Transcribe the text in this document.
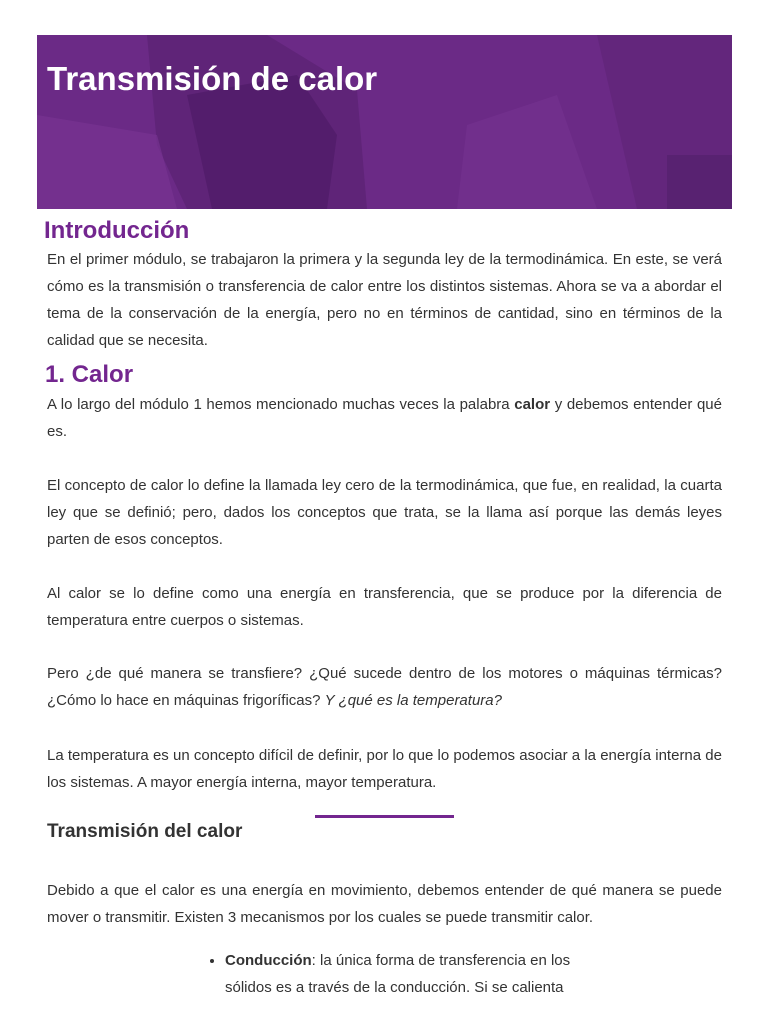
Transmisión de calor
Introducción

En el primer módulo, se trabajaron la primera y la segunda ley de la termodinámica. En este, se verá cómo es la transmisión o transferencia de calor entre los distintos sistemas. Ahora se va a abordar el tema de la conservación de la energía, pero no en términos de cantidad, sino en términos de la calidad que se necesita.

1. Calor

A lo largo del módulo 1 hemos mencionado muchas veces la palabra calor y debemos entender qué es.

El concepto de calor lo define la llamada ley cero de la termodinámica, que fue, en realidad, la cuarta ley que se definió; pero, dados los conceptos que trata, se la llama así porque las demás leyes parten de esos conceptos.

Al calor se lo define como una energía en transferencia, que se produce por la diferencia de temperatura entre cuerpos o sistemas.

Pero ¿de qué manera se transfiere? ¿Qué sucede dentro de los motores o máquinas térmicas? ¿Cómo lo hace en máquinas frigoríficas? Y ¿qué es la temperatura?

La temperatura es un concepto difícil de definir, por lo que lo podemos asociar a la energía interna de los sistemas. A mayor energía interna, mayor temperatura.

Transmisión del calor

Debido a que el calor es una energía en movimiento, debemos entender de qué manera se puede mover o transmitir. Existen 3 mecanismos por los cuales se puede transmitir calor.

• Conducción: la única forma de transferencia en los sólidos es a través de la conducción. Si se calienta
